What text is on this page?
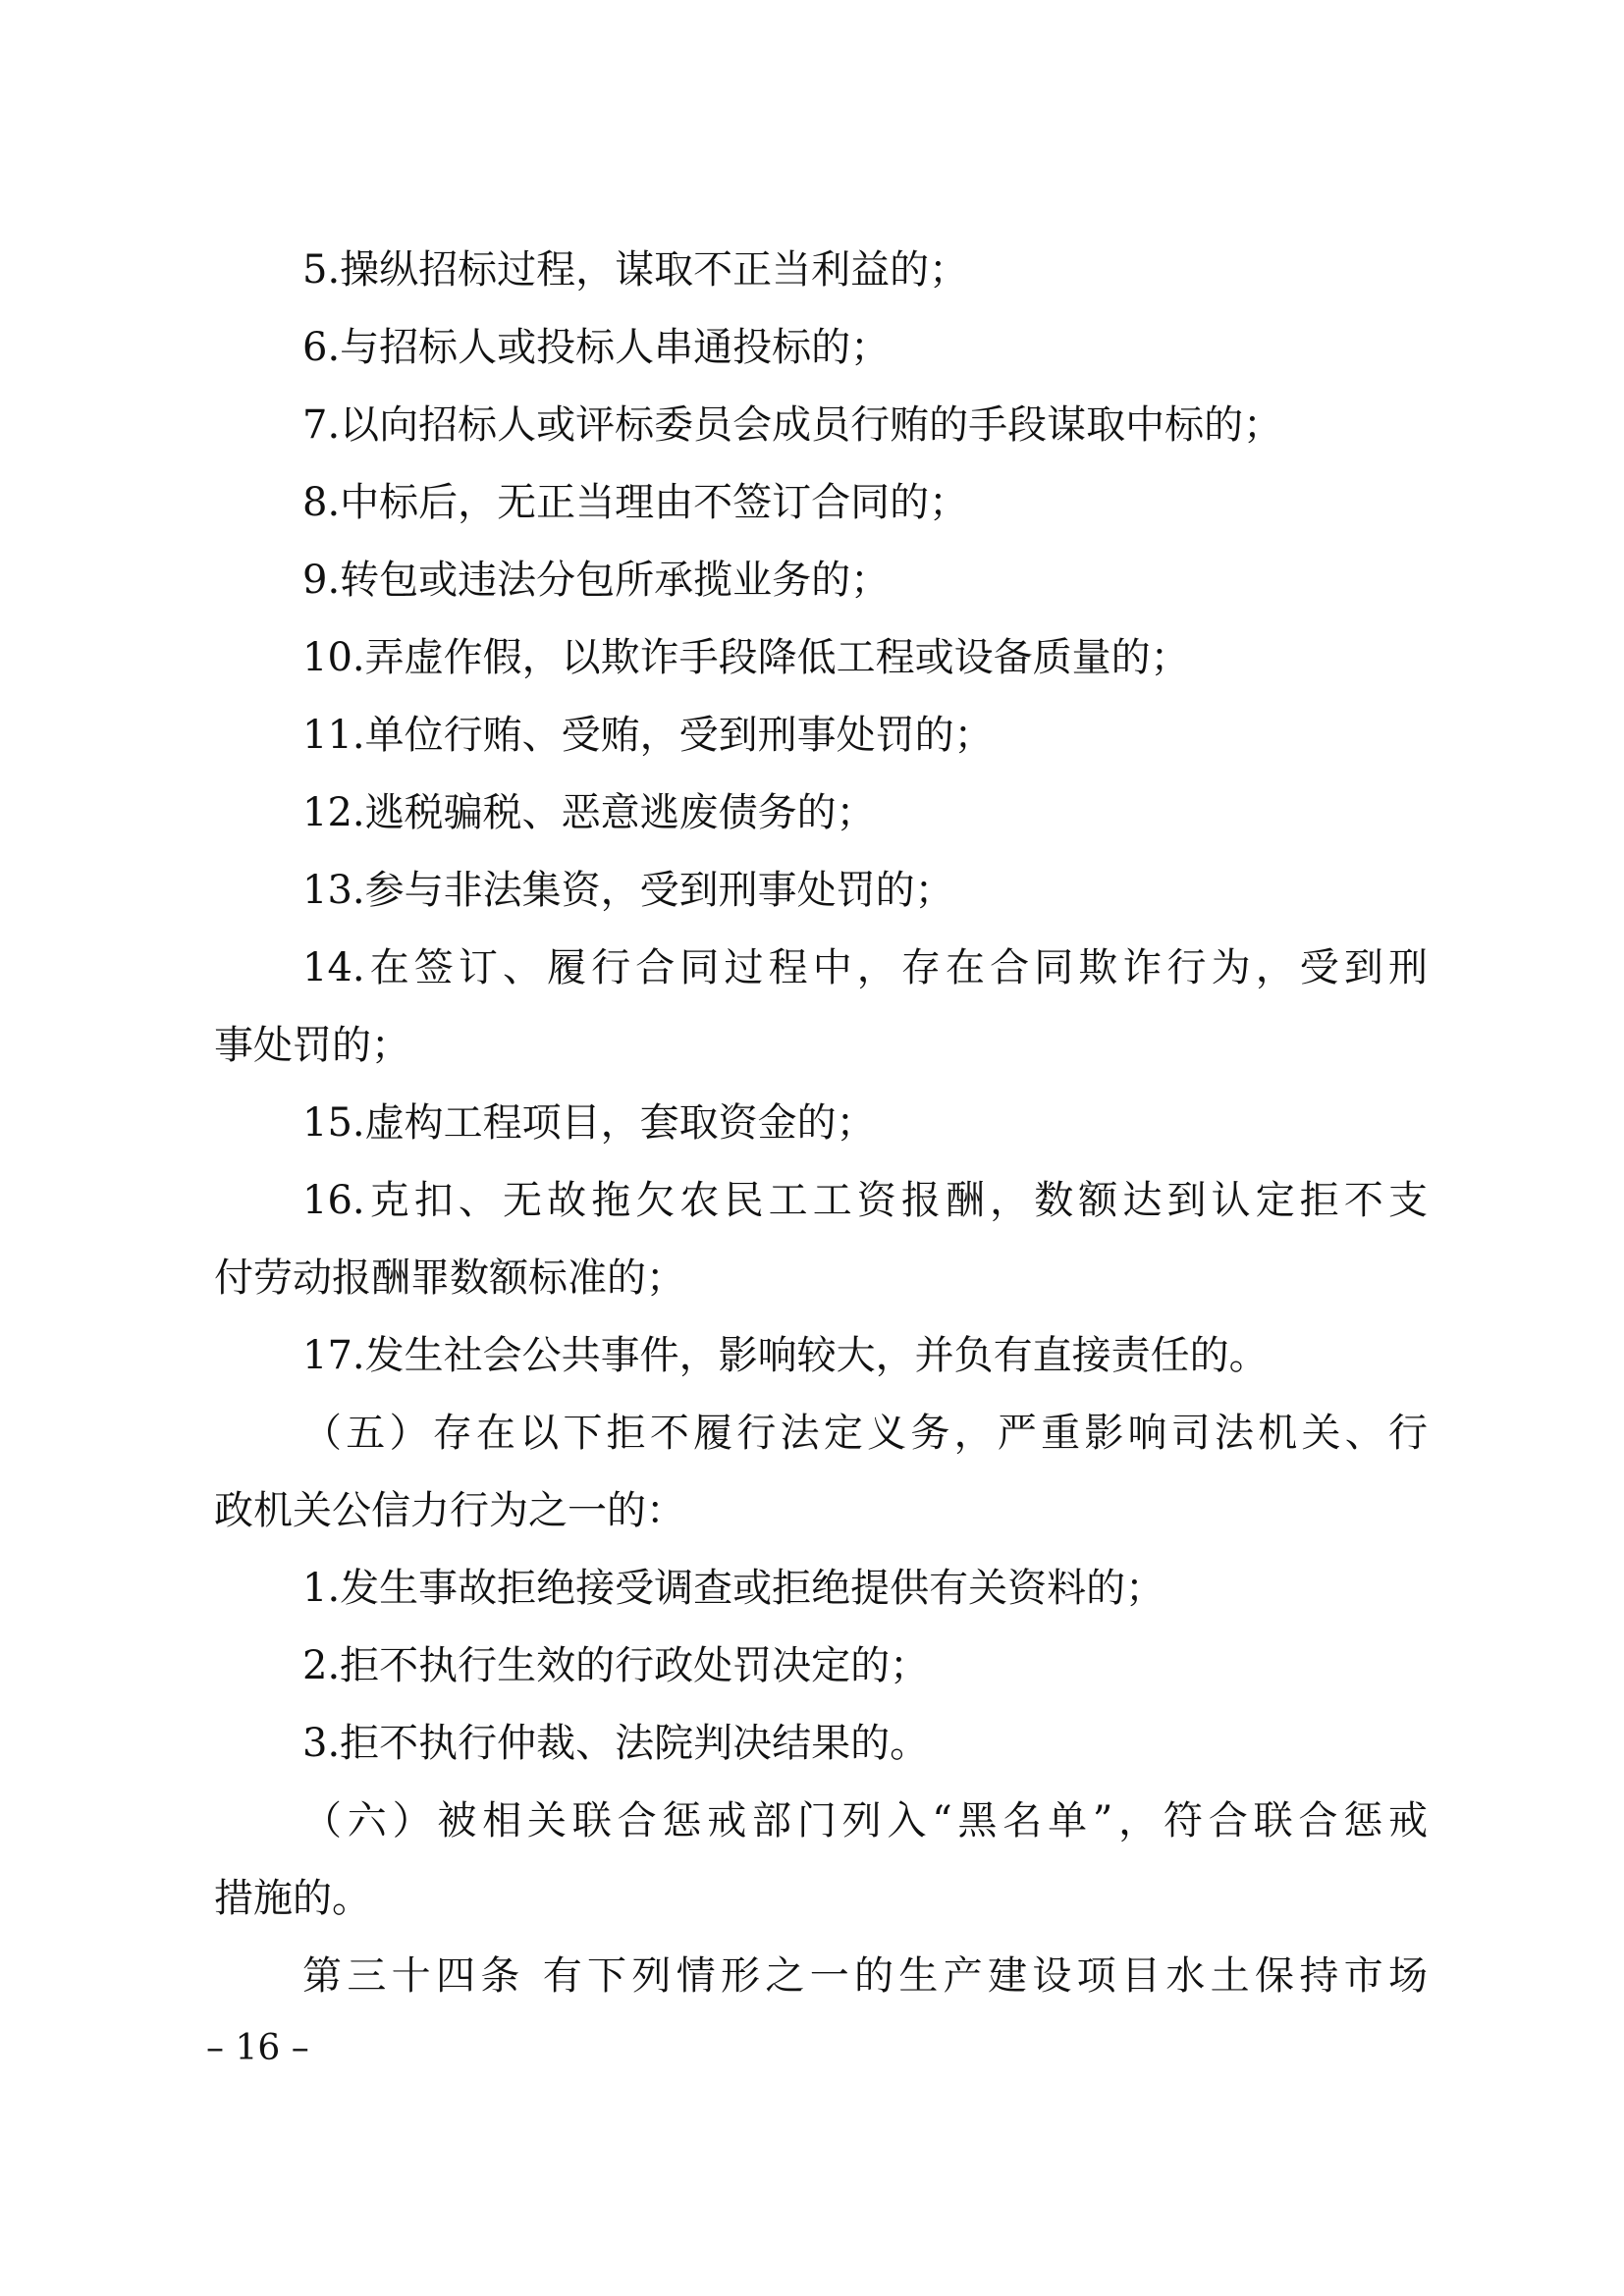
5.操纵招标过程，谋取不正当利益的；
6.与招标人或投标人串通投标的；
7.以向招标人或评标委员会成员行贿的手段谋取中标的；
8.中标后，无正当理由不签订合同的；
9.转包或违法分包所承揽业务的；
10.弄虚作假，以欺诈手段降低工程或设备质量的；
11.单位行贿、受贿，受到刑事处罚的；
12.逃税骗税、恶意逃废债务的；
13.参与非法集资，受到刑事处罚的；
14.在签订、履行合同过程中，存在合同欺诈行为，受到刑
事处罚的；
15.虚构工程项目，套取资金的；
16.克扣、无故拖欠农民工工资报酬，数额达到认定拒不支
付劳动报酬罪数额标准的；
17.发生社会公共事件，影响较大，并负有直接责任的。
（五）存在以下拒不履行法定义务，严重影响司法机关、行
政机关公信力行为之一的：
1.发生事故拒绝接受调查或拒绝提供有关资料的；
2.拒不执行生效的行政处罚决定的；
3.拒不执行仲裁、法院判决结果的。
（六）被相关联合惩戒部门列入“黑名单”，符合联合惩戒
措施的。
第三十四条 有下列情形之一的生产建设项目水土保持市场
– 16 –
